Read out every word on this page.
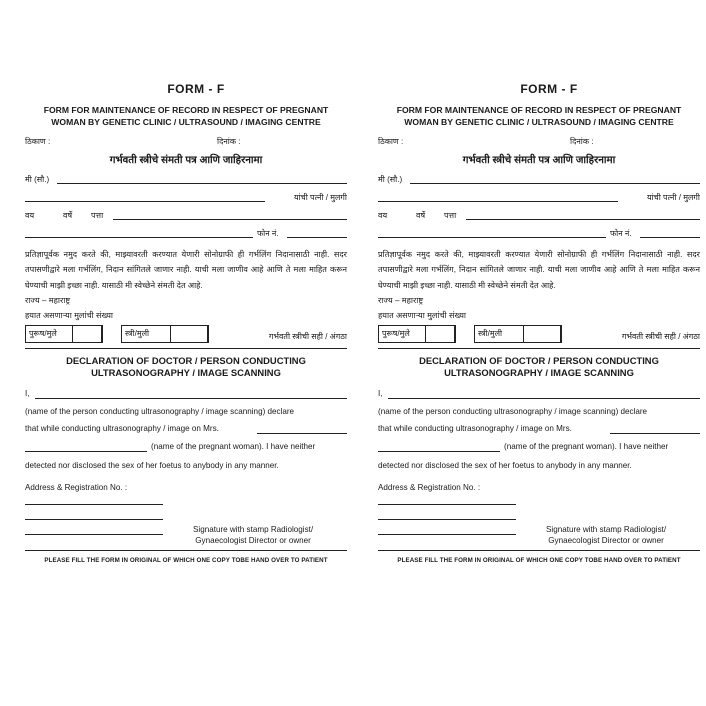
FORM - F
FORM FOR MAINTENANCE OF RECORD IN RESPECT OF PREGNANT
WOMAN BY GENETIC CLINIC / ULTRASOUND / IMAGING CENTRE
ठिकाण :	दिनांक :
गर्भवती स्त्रीचे संमती पत्र आणि जाहिरनामा
मी (सौ.)
यांची पत्नी / मुलगी
वय	वर्षे पत्ता
फोन नं.
प्रतिज्ञापूर्वक नमुद करते की, माझ्यावरती करण्यात येणारी सोनोग्राफी ही गर्भलिंग निदानासाठी नाही. सदर तपासणीद्वारे मला गर्भलिंग, निदान सांगितले जाणार नाही. याची मला जाणीव आहे आणि ते मला माहित करून घेण्याची माझी इच्छा नाही. यासाठी मी स्वेच्छेने संमती देत आहे.
राज्य – महाराष्ट्र
हयात असणाऱ्या मुलांची संख्या
पुरूष/मुले	स्त्री/मुली	गर्भवती स्त्रीची सही / अंगठा
DECLARATION OF DOCTOR / PERSON CONDUCTING
ULTRASONOGRAPHY / IMAGE SCANNING
I,
(name of the person conducting ultrasonography / image scanning) declare
that while conducting ultrasonography / image on Mrs.
(name of the pregnant woman). I have neither
detected nor disclosed the sex of her foetus to anybody in any manner.
Address & Registration No. :
Signature with stamp Radiologist/
Gynaecologist Director or owner
PLEASE FILL THE FORM IN ORIGINAL OF WHICH ONE COPY TOBE HAND OVER TO PATIENT
FORM - F
FORM FOR MAINTENANCE OF RECORD IN RESPECT OF PREGNANT
WOMAN BY GENETIC CLINIC / ULTRASOUND / IMAGING CENTRE
ठिकाण :	दिनांक :
गर्भवती स्त्रीचे संमती पत्र आणि जाहिरनामा
मी (सौ.)
यांची पत्नी / मुलगी
वय	वर्षे पत्ता
फोन नं.
प्रतिज्ञापूर्वक नमुद करते की, माझ्यावरती करण्यात येणारी सोनोग्राफी ही गर्भलिंग निदानासाठी नाही. सदर तपासणीद्वारे मला गर्भलिंग, निदान सांगितले जाणार नाही. याची मला जाणीव आहे आणि ते मला माहित करून घेण्याची माझी इच्छा नाही. यासाठी मी स्वेच्छेने संमती देत आहे.
राज्य – महाराष्ट्र
हयात असणाऱ्या मुलांची संख्या
पुरूष/मुले	स्त्री/मुली	गर्भवती स्त्रीची सही / अंगठा
DECLARATION OF DOCTOR / PERSON CONDUCTING
ULTRASONOGRAPHY / IMAGE SCANNING
I,
(name of the person conducting ultrasonography / image scanning) declare
that while conducting ultrasonography / image on Mrs.
(name of the pregnant woman). I have neither
detected nor disclosed the sex of her foetus to anybody in any manner.
Address & Registration No. :
Signature with stamp Radiologist/
Gynaecologist Director or owner
PLEASE FILL THE FORM IN ORIGINAL OF WHICH ONE COPY TOBE HAND OVER TO PATIENT
